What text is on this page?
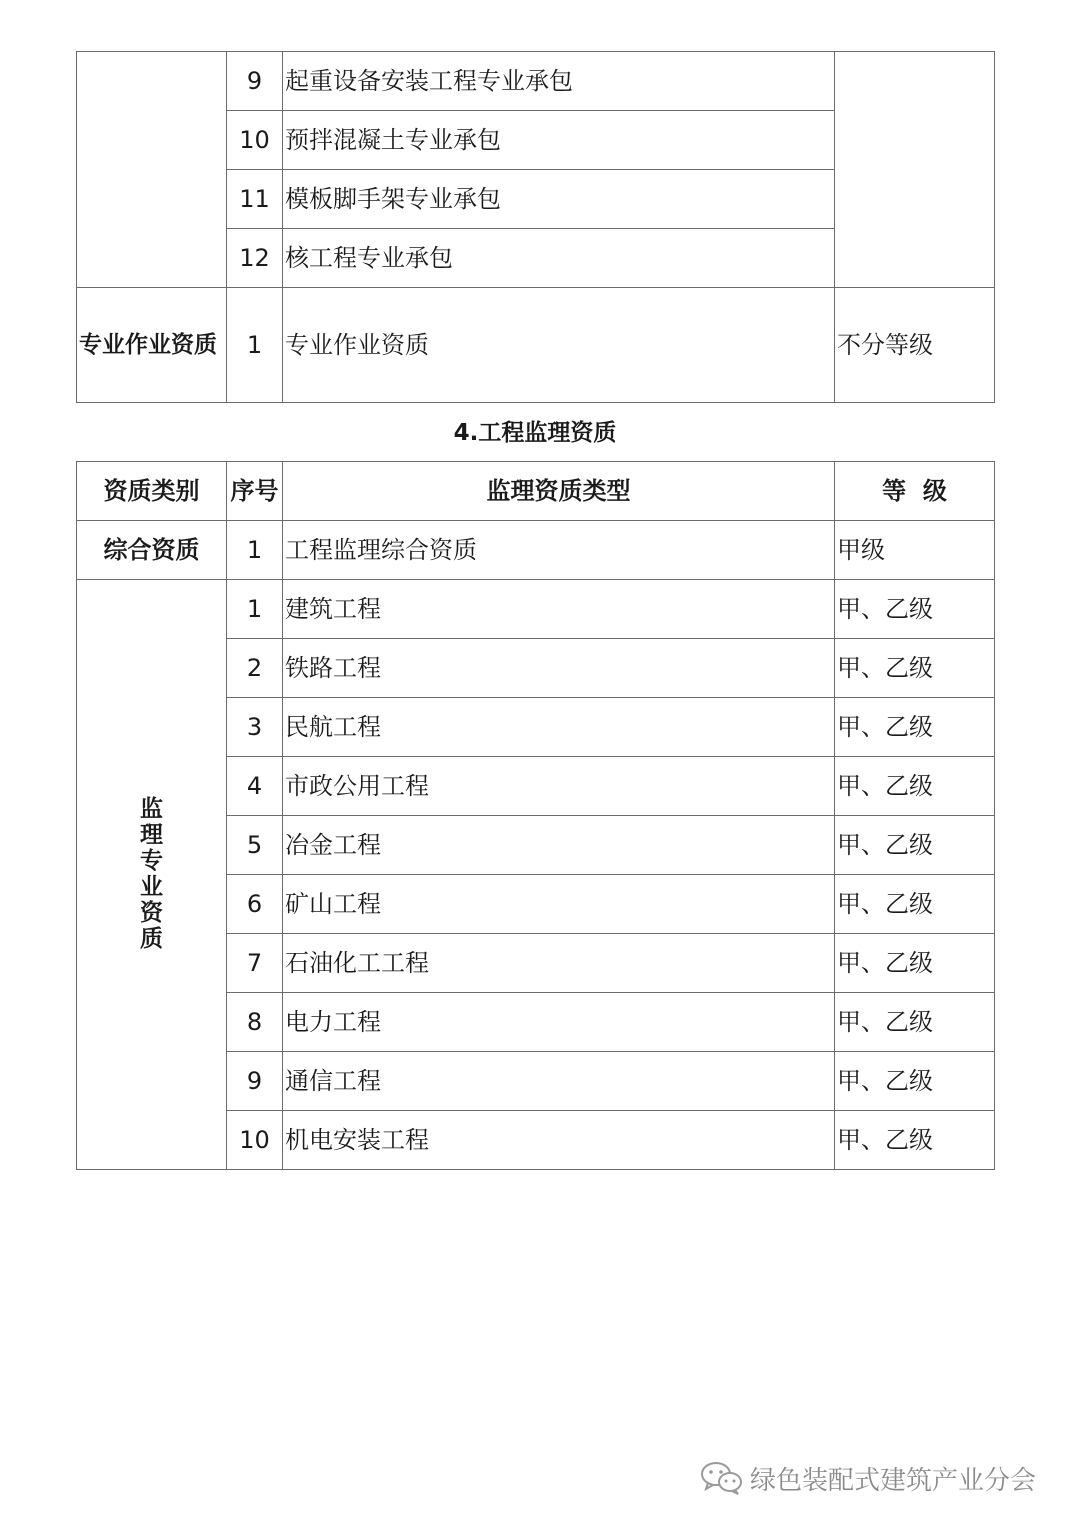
	9	起重设备安装工程专业承包	
	10	预拌混凝土专业承包	
	11	模板脚手架专业承包	
	12	核工程专业承包	
专业作业资质	1	专业作业资质	不分等级
4.工程监理资质
资质类别	序号	监理资质类型	等  级
综合资质	1	工程监理综合资质	甲级
监理专业资质	1	建筑工程	甲、乙级
	2	铁路工程	甲、乙级
	3	民航工程	甲、乙级
	4	市政公用工程	甲、乙级
	5	冶金工程	甲、乙级
	6	矿山工程	甲、乙级
	7	石油化工工程	甲、乙级
	8	电力工程	甲、乙级
	9	通信工程	甲、乙级
	10	机电安装工程	甲、乙级
绿色装配式建筑产业分会
